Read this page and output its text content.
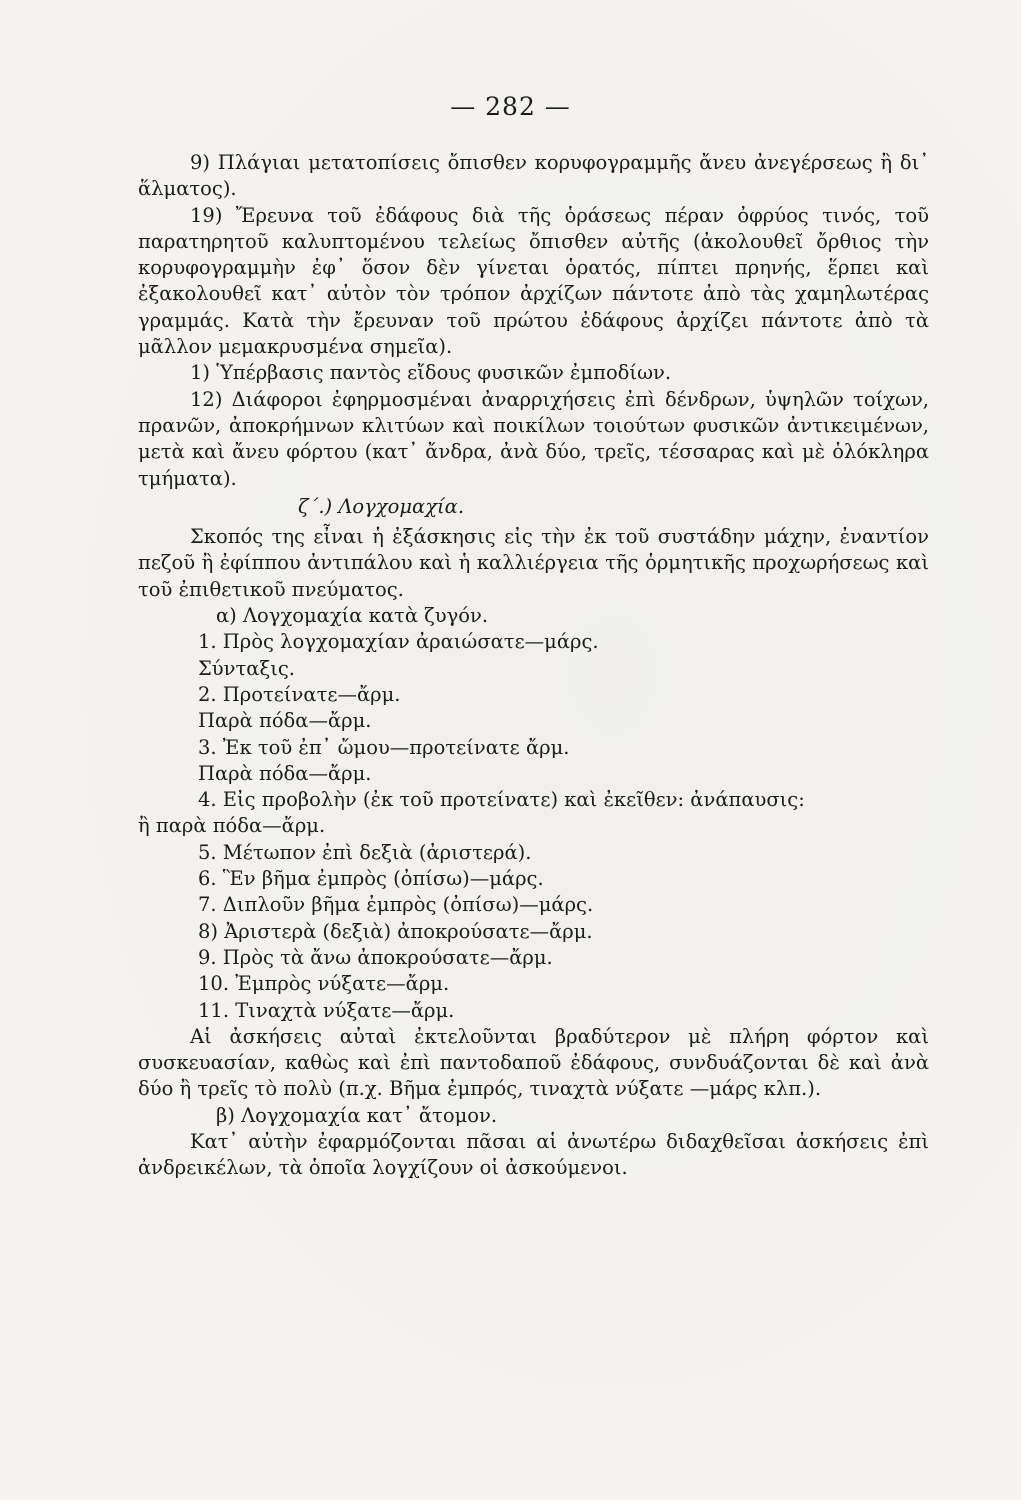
— 282 —

9) Πλάγιαι μετατοπίσεις ὄπισθεν κορυφογραμμῆς ἄνευ ἀνεγέρσεως ἢ δι᾽ ἅλματος).

19) Ἔρευνα τοῦ ἐδάφους διὰ τῆς ὁράσεως πέραν ὀφρύος τινός, τοῦ παρατηρητοῦ καλυπτομένου τελείως ὄπισθεν αὐτῆς (ἀκολουθεῖ ὄρθιος τὴν κορυφογραμμὴν ἐφ᾽ ὅσον δὲν γίνεται ὁρατός, πίπτει πρηνής, ἕρπει καὶ ἐξακολουθεῖ κατ᾽ αὐτὸν τὸν τρόπον ἀρχίζων πάντοτε ἀπὸ τὰς χαμηλωτέρας γραμμάς. Κατὰ τὴν ἔρευναν τοῦ πρώτου ἐδάφους ἀρχίζει πάντοτε ἀπὸ τὰ μᾶλλον μεμακρυσμένα σημεῖα).

1) Ὑπέρβασις παντὸς εἴδους φυσικῶν ἐμποδίων.

12) Διάφοροι ἐφηρμοσμέναι ἀναρριχήσεις ἐπὶ δένδρων, ὑψηλῶν τοίχων, πρανῶν, ἀποκρήμνων κλιτύων καὶ ποικίλων τοιούτων φυσικῶν ἀντικειμένων, μετὰ καὶ ἄνευ φόρτου (κατ᾽ ἄνδρα, ἀνὰ δύο, τρεῖς, τέσσαρας καὶ μὲ ὁλόκληρα τμήματα).

ζ΄.) Λογχομαχία.

Σκοπός της εἶναι ἡ ἐξάσκησις εἰς τὴν ἐκ τοῦ συστάδην μάχην, ἐναντίον πεζοῦ ἢ ἐφίππου ἀντιπάλου καὶ ἡ καλλιέργεια τῆς ὁρμητικῆς προχωρήσεως καὶ τοῦ ἐπιθετικοῦ πνεύματος.

α) Λογχομαχία κατὰ ζυγόν.

1. Πρὸς λογχομαχίαν ἀραιώσατε—μάρς.

Σύνταξις.

2. Προτείνατε—ἄρμ.

Παρὰ πόδα—ἄρμ.

3. Ἐκ τοῦ ἐπ᾽ ὤμου—προτείνατε ἄρμ.

Παρὰ πόδα—ἄρμ.

4. Εἰς προβολὴν (ἐκ τοῦ προτείνατε) καὶ ἐκεῖθεν: ἀνάπαυσις:

ἢ παρὰ πόδα—ἄρμ.

5. Μέτωπον ἐπὶ δεξιὰ (ἀριστερά).

6. Ἓν βῆμα ἐμπρὸς (ὀπίσω)—μάρς.

7. Διπλοῦν βῆμα ἐμπρὸς (ὀπίσω)—μάρς.

8) Ἀριστερὰ (δεξιὰ) ἀποκρούσατε—ἄρμ.

9. Πρὸς τὰ ἄνω ἀποκρούσατε—ἄρμ.

10. Ἐμπρὸς νύξατε—ἄρμ.

11. Τιναχτὰ νύξατε—ἄρμ.

Αἱ ἀσκήσεις αὐταὶ ἐκτελοῦνται βραδύτερον μὲ πλήρη φόρτον καὶ συσκευασίαν, καθὼς καὶ ἐπὶ παντοδαποῦ ἐδάφους, συνδυάζονται δὲ καὶ ἀνὰ δύο ἢ τρεῖς τὸ πολὺ (π.χ. Βῆμα ἐμπρός, τιναχτὰ νύξατε —μάρς κλπ.).

β) Λογχομαχία κατ᾽ ἄτομον.

Κατ᾽ αὐτὴν ἐφαρμόζονται πᾶσαι αἱ ἀνωτέρω διδαχθεῖσαι ἀσκήσεις ἐπὶ ἀνδρεικέλων, τὰ ὁποῖα λογχίζουν οἱ ἀσκούμενοι.
